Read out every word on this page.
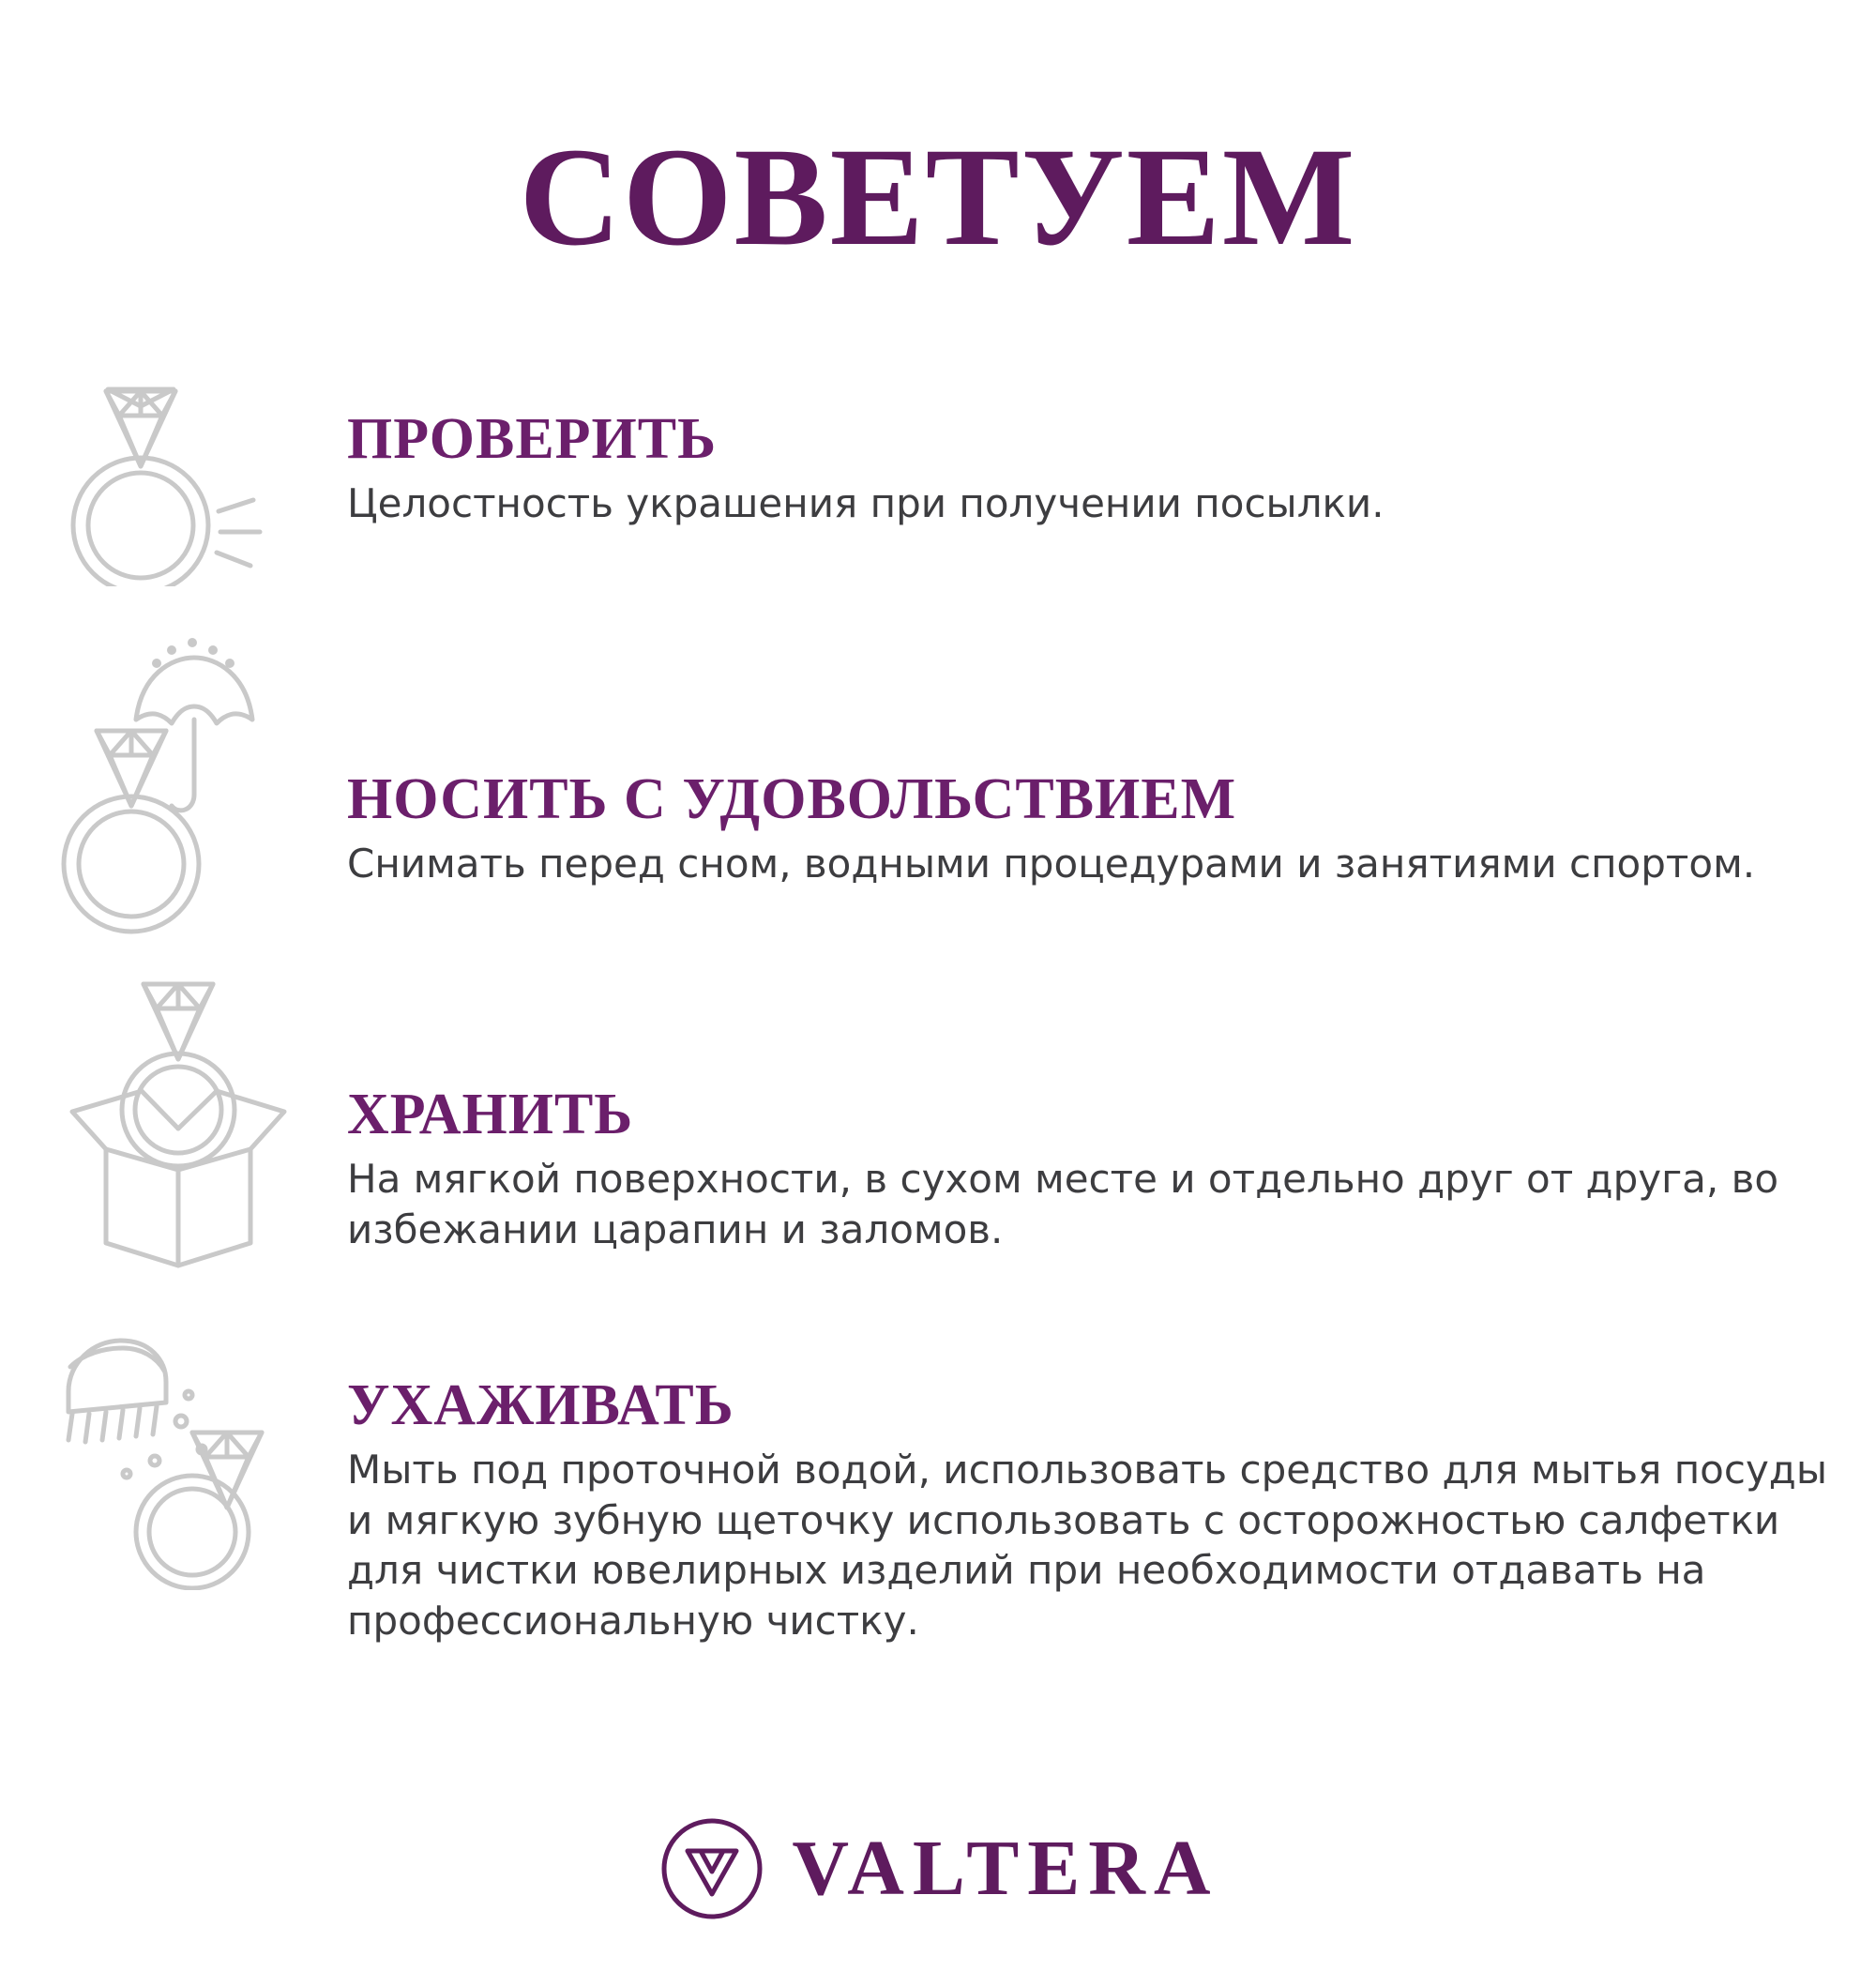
СОВЕТУЕМ
ПРОВЕРИТЬ

Целостность украшения при получении посылки.

НОСИТЬ С УДОВОЛЬСТВИЕМ

Снимать перед сном, водными процедурами и занятиями спортом.

ХРАНИТЬ

На мягкой поверхности, в сухом месте и отдельно друг от друга, во избежании царапин и заломов.

УХАЖИВАТЬ

Мыть под проточной водой, использовать средство для мытья посуды и мягкую зубную щеточку использовать с осторожностью салфетки для чистки ювелирных изделий при необходимости отдавать на профессиональную чистку.

VALTERA
